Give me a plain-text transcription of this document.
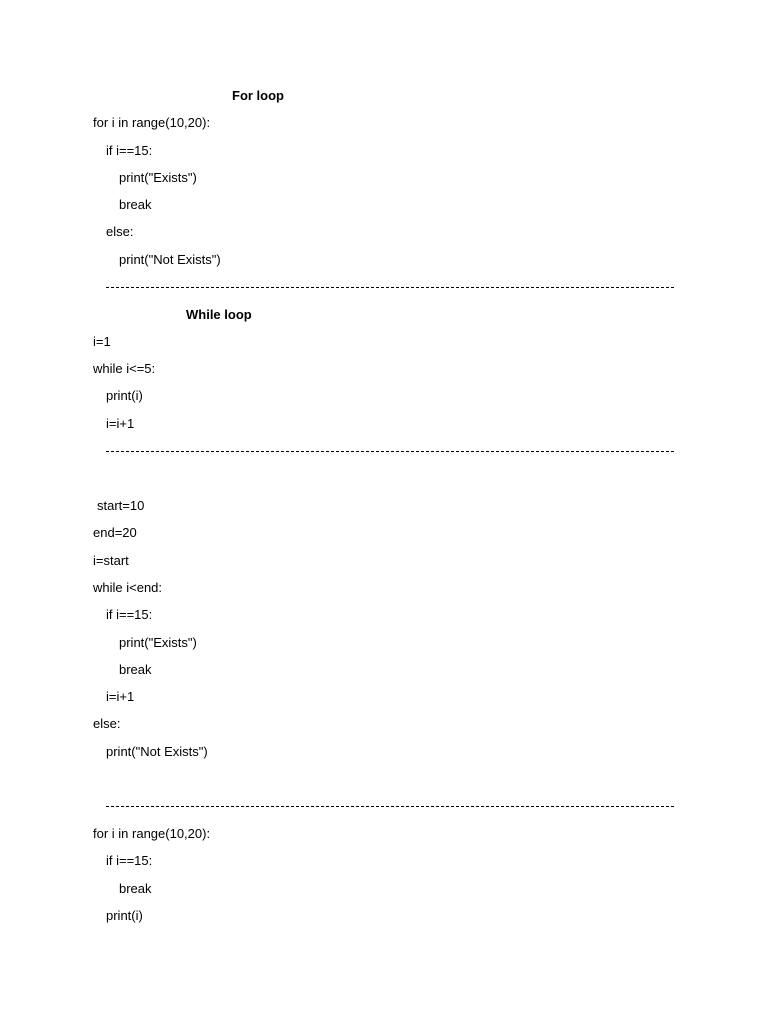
For loop
for i in range(10,20):
if i==15:
print("Exists")
break
else:
print("Not Exists")
While loop
i=1
while i<=5:
print(i)
i=i+1
start=10
end=20
i=start
while i<end:
if i==15:
print("Exists")
break
i=i+1
else:
print("Not Exists")
for i in range(10,20):
if i==15:
break
print(i)
